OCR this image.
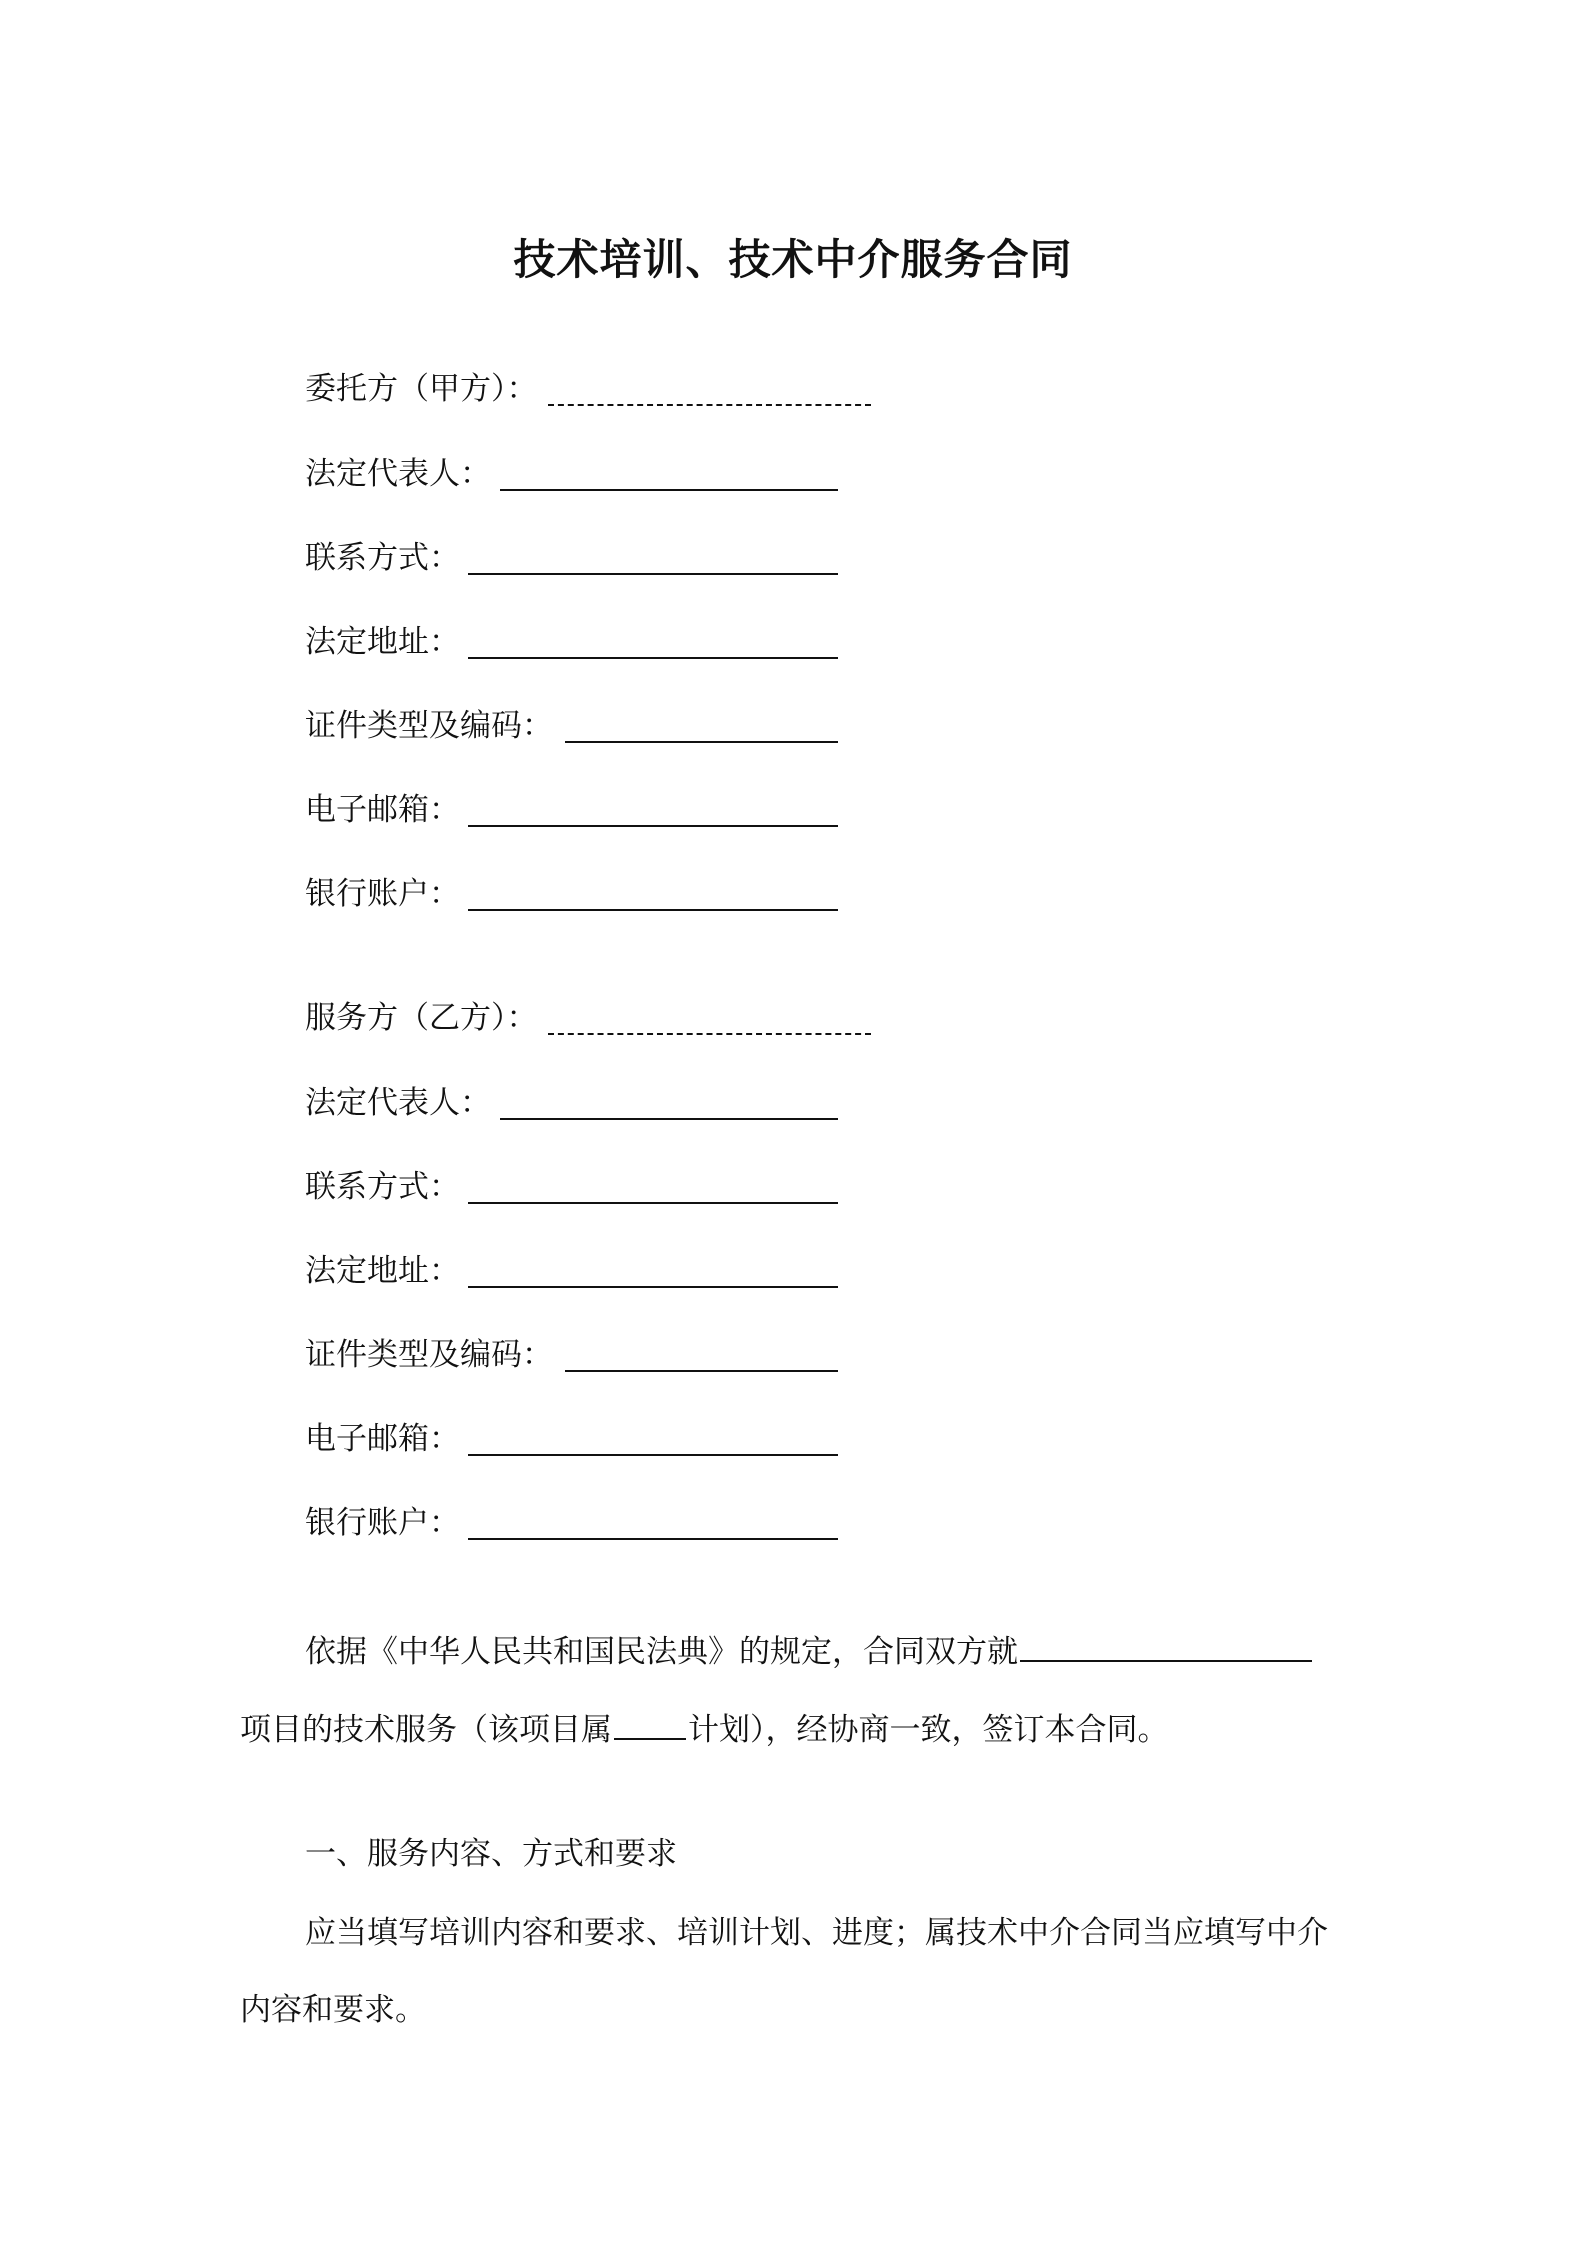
技术培训、技术中介服务合同
委托方（甲方）：
法定代表人：
联系方式：
法定地址：
证件类型及编码：
电子邮箱：
银行账户：
服务方（乙方）：
法定代表人：
联系方式：
法定地址：
证件类型及编码：
电子邮箱：
银行账户：
依据《中华人民共和国民法典》的规定，合同双方就
项目的技术服务（该项目属 计划），经协商一致，签订本合同。
一、服务内容、方式和要求
应当填写培训内容和要求、培训计划、进度；属技术中介合同当应填写中介
内容和要求。
